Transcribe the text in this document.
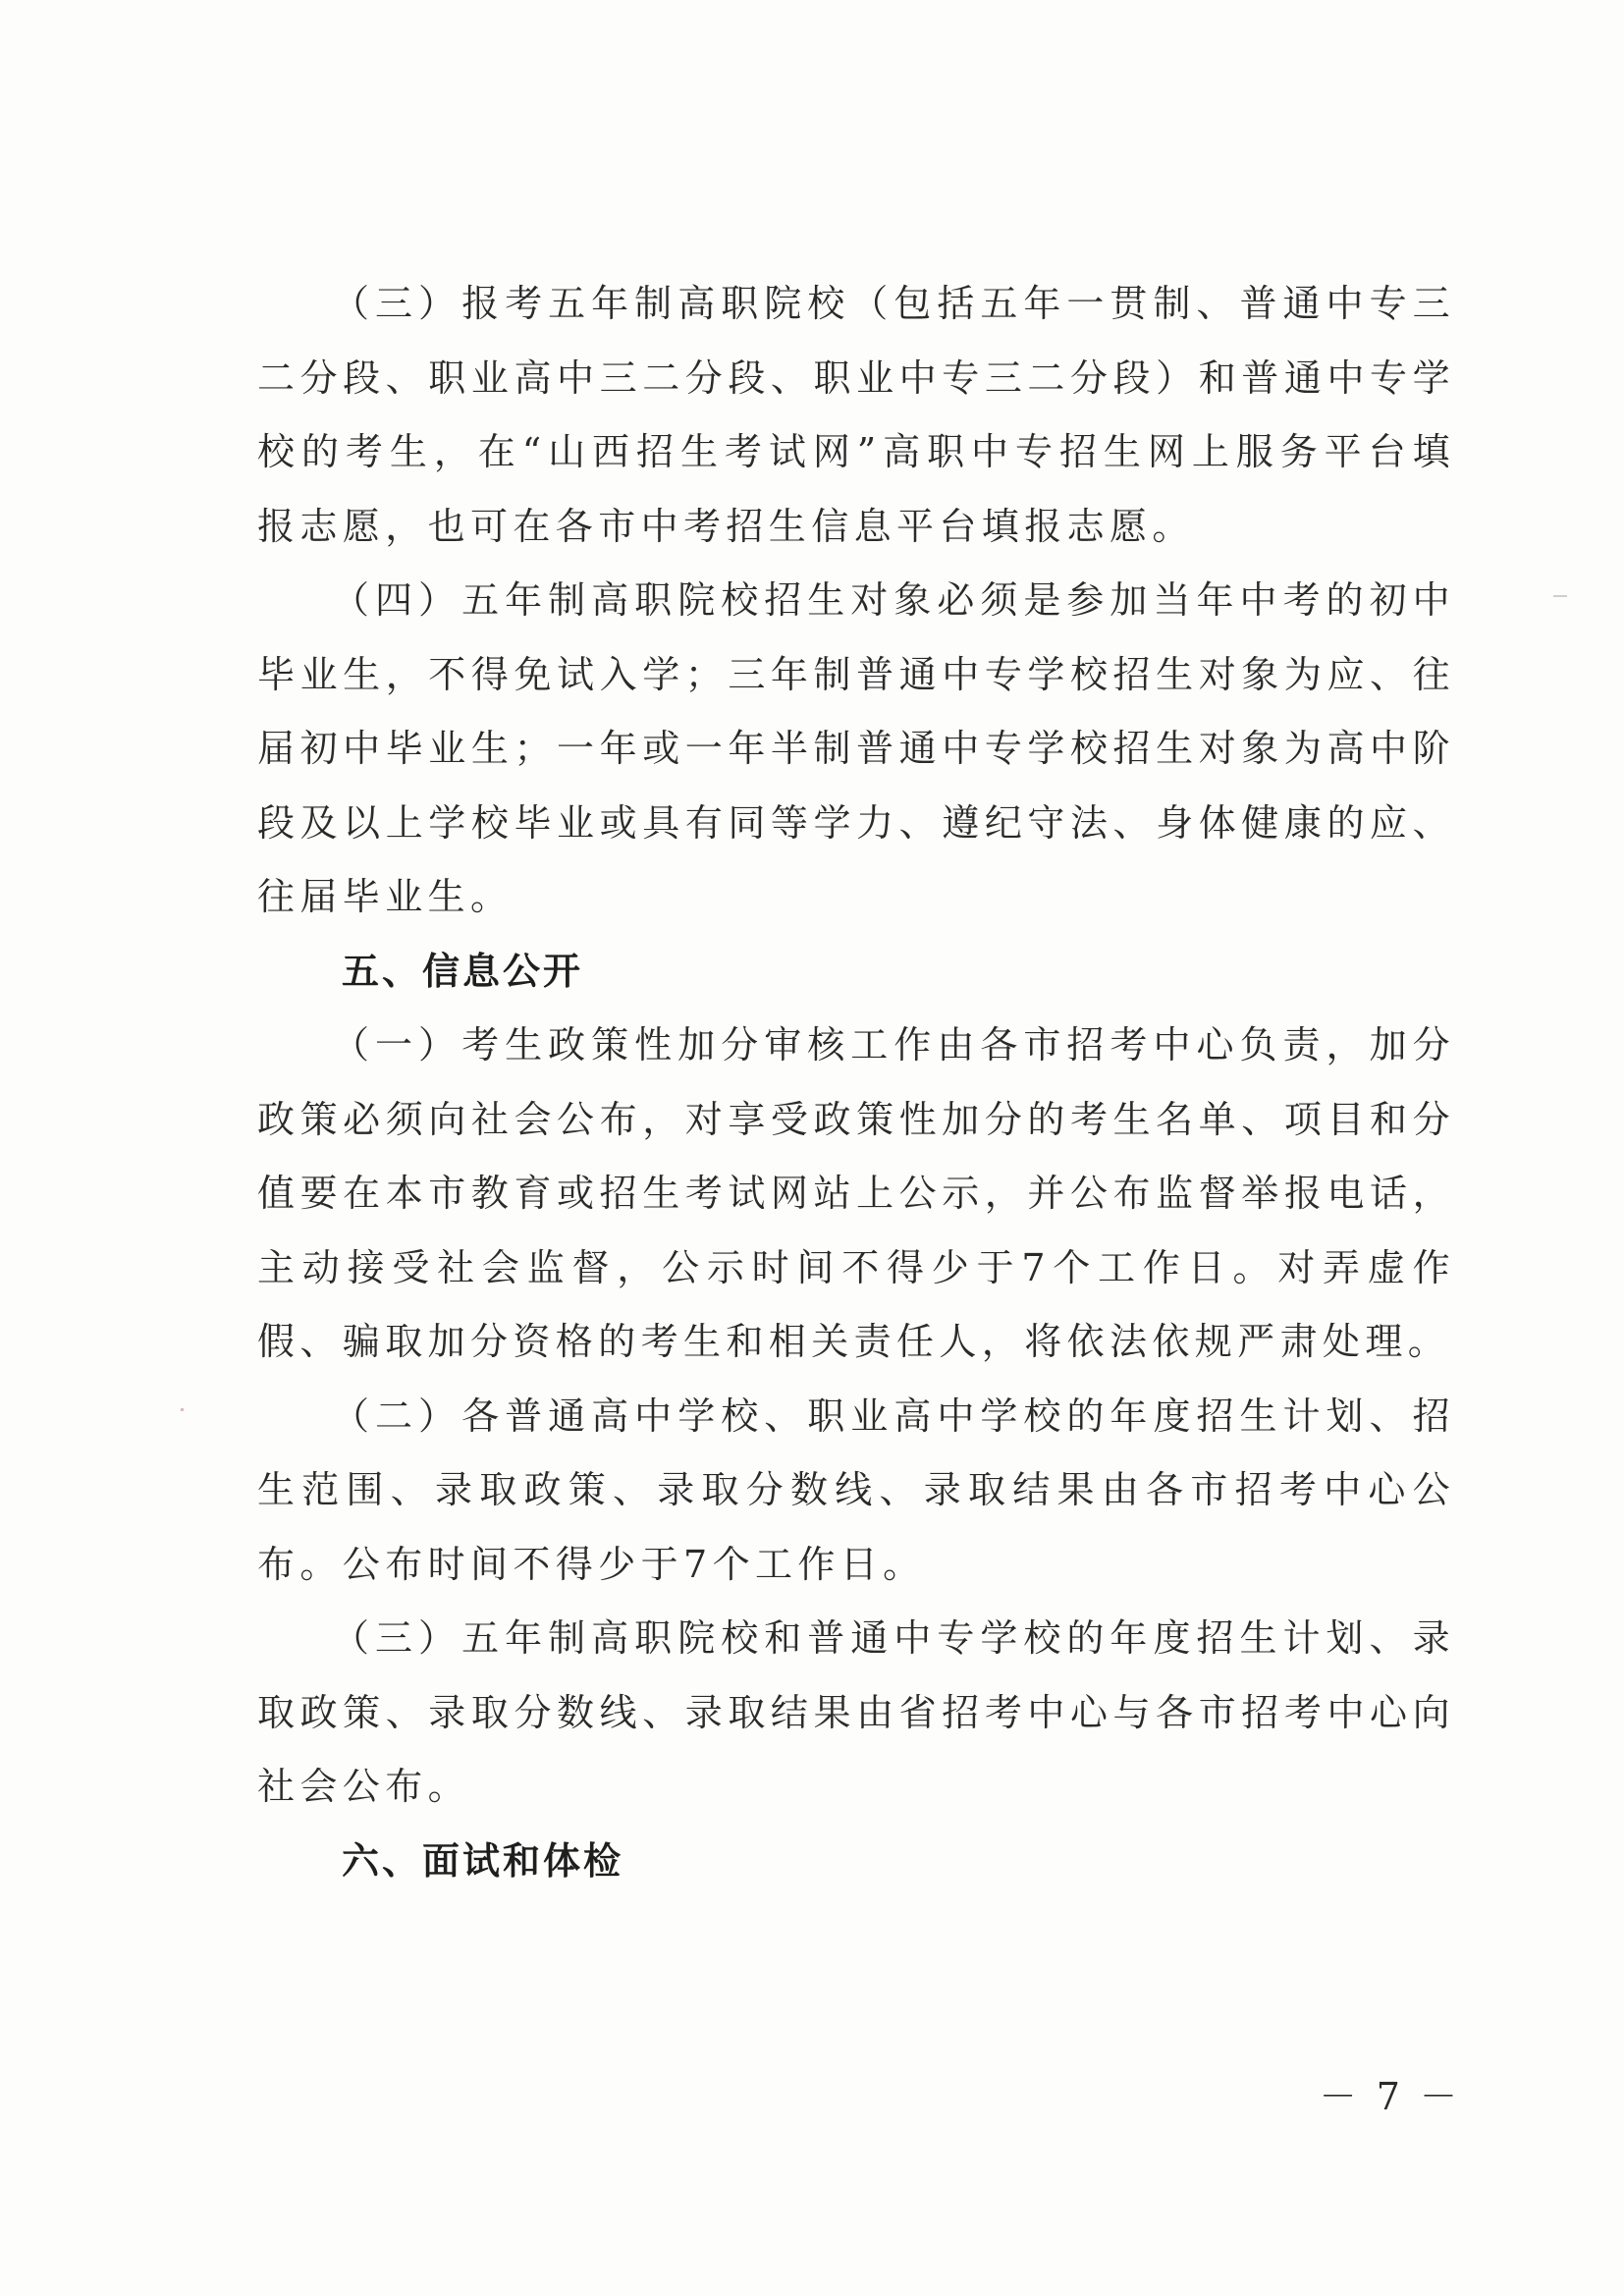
（三）报考五年制高职院校（包括五年一贯制、普通中专三二分段、职业高中三二分段、职业中专三二分段）和普通中专学校的考生，在“山西招生考试网”高职中专招生网上服务平台填报志愿，也可在各市中考招生信息平台填报志愿。

（四）五年制高职院校招生对象必须是参加当年中考的初中毕业生，不得免试入学；三年制普通中专学校招生对象为应、往届初中毕业生；一年或一年半制普通中专学校招生对象为高中阶段及以上学校毕业或具有同等学力、遵纪守法、身体健康的应、往届毕业生。

五、信息公开

（一）考生政策性加分审核工作由各市招考中心负责，加分政策必须向社会公布，对享受政策性加分的考生名单、项目和分值要在本市教育或招生考试网站上公示，并公布监督举报电话，主动接受社会监督，公示时间不得少于7个工作日。对弄虚作假、骗取加分资格的考生和相关责任人，将依法依规严肃处理。

（二）各普通高中学校、职业高中学校的年度招生计划、招生范围、录取政策、录取分数线、录取结果由各市招考中心公布。公布时间不得少于7个工作日。

（三）五年制高职院校和普通中专学校的年度招生计划、录取政策、录取分数线、录取结果由省招考中心与各市招考中心向社会公布。

六、面试和体检

－ 7 －
